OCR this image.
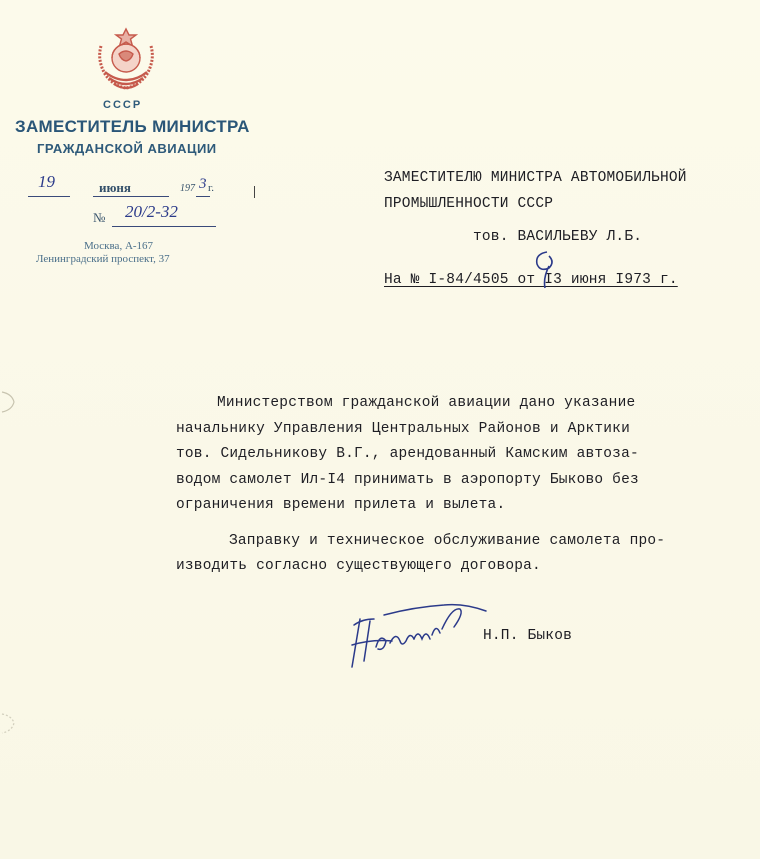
СССР
ЗАМЕСТИТЕЛЬ МИНИСТРА
ГРАЖДАНСКОЙ АВИАЦИИ
19	июня	197 3 г.
№ 20/2-32
Москва, А-167
Ленинградский проспект, 37
ЗАМЕСТИТЕЛЮ МИНИСТРА АВТОМОБИЛЬНОЙ
ПРОМЫШЛЕННОСТИ СССР
тов. ВАСИЛЬЕВУ Л.Б.
На № I-84/4505 от I3 июня I973 г.
Министерством гражданской авиации дано указание
начальнику Управления Центральных Районов и Арктики
тов. Сидельникову В.Г., арендованный Камским автоза-
водом самолет Ил-I4 принимать в аэропорту Быково без
ограничения времени прилета и вылета.
Заправку и техническое обслуживание самолета про-
изводить согласно существующего договора.
Н.П. Быков
